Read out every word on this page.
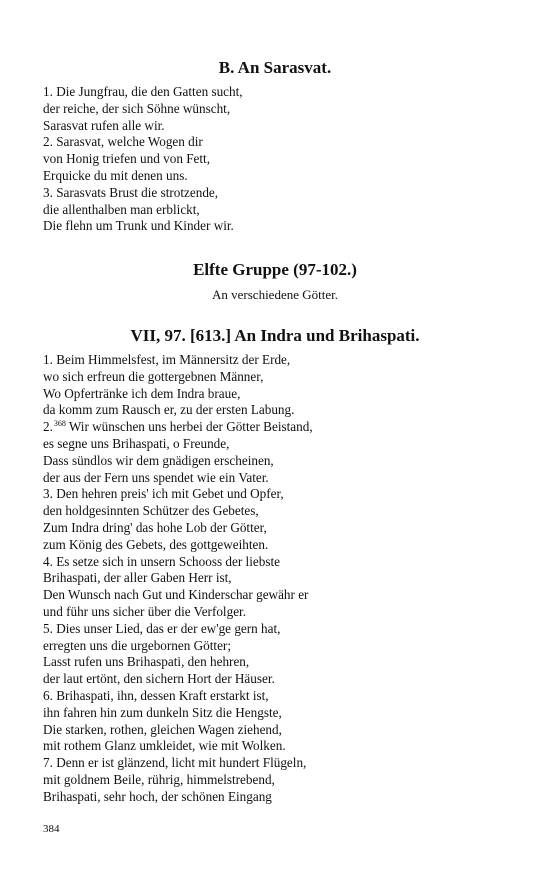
B. An Sarasvat.
1. Die Jungfrau, die den Gatten sucht,
der reiche, der sich Söhne wünscht,
Sarasvat rufen alle wir.
2. Sarasvat, welche Wogen dir
von Honig triefen und von Fett,
Erquicke du mit denen uns.
3. Sarasvats Brust die strotzende,
die allenthalben man erblickt,
Die flehn um Trunk und Kinder wir.
Elfte Gruppe (97-102.)
An verschiedene Götter.
VII, 97. [613.] An Indra und Brihaspati.
1. Beim Himmelsfest, im Männersitz der Erde,
wo sich erfreun die gottergebnen Männer,
Wo Opfertränke ich dem Indra braue,
da komm zum Rausch er, zu der ersten Labung.
2.$^{368}$ Wir wünschen uns herbei der Götter Beistand,
es segne uns Brihaspati, o Freunde,
Dass sündlos wir dem gnädigen erscheinen,
der aus der Fern uns spendet wie ein Vater.
3. Den hehren preis' ich mit Gebet und Opfer,
den holdgesinnten Schützer des Gebetes,
Zum Indra dring' das hohe Lob der Götter,
zum König des Gebets, des gottgeweihten.
4. Es setze sich in unsern Schooss der liebste
Brihaspati, der aller Gaben Herr ist,
Den Wunsch nach Gut und Kinderschar gewähr er
und führ uns sicher über die Verfolger.
5. Dies unser Lied, das er der ew'ge gern hat,
erregten uns die urgebornen Götter;
Lasst rufen uns Brihaspati, den hehren,
der laut ertönt, den sichern Hort der Häuser.
6. Brihaspati, ihn, dessen Kraft erstarkt ist,
ihn fahren hin zum dunkeln Sitz die Hengste,
Die starken, rothen, gleichen Wagen ziehend,
mit rothem Glanz umkleidet, wie mit Wolken.
7. Denn er ist glänzend, licht mit hundert Flügeln,
mit goldnem Beile, rührig, himmelstrebend,
Brihaspati, sehr hoch, der schönen Eingang
384
